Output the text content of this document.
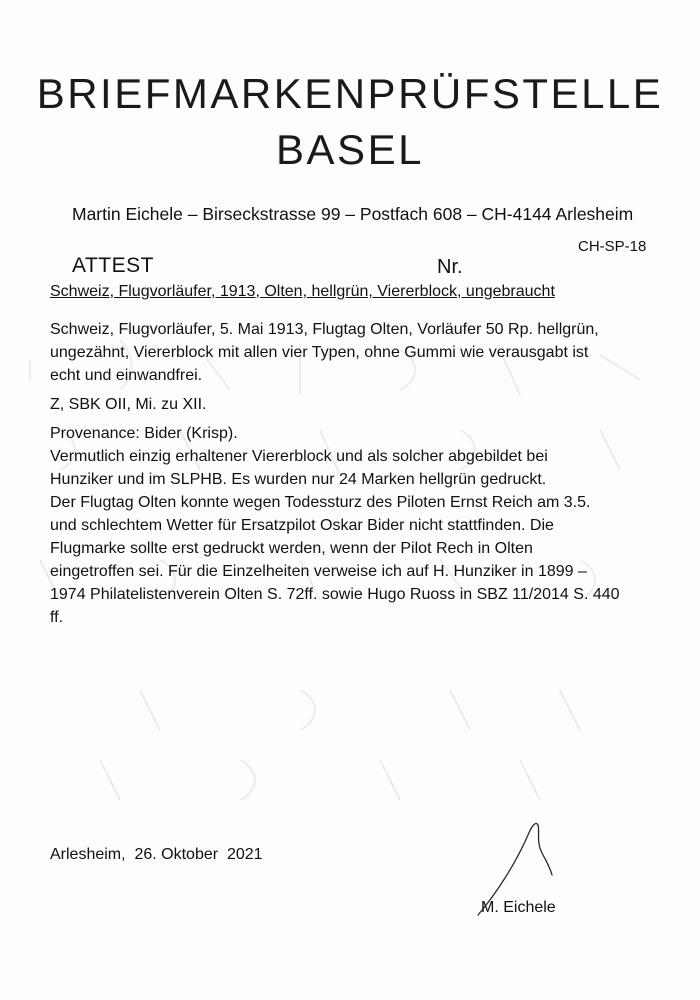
BRIEFMARKENPRÜFSTELLE
BASEL
Martin Eichele – Birseckstrasse 99 – Postfach 608 – CH-4144 Arlesheim
CH-SP-18
ATTEST	Nr.
Schweiz, Flugvorläufer, 1913, Olten, hellgrün, Viererblock, ungebraucht

Schweiz, Flugvorläufer, 5. Mai 1913, Flugtag Olten, Vorläufer 50 Rp. hellgrün,
ungezähnt, Viererblock mit allen vier Typen, ohne Gummi wie verausgabt ist
echt und einwandfrei.

Z, SBK OII, Mi. zu XII.

Provenance: Bider (Krisp).

Vermutlich einzig erhaltener Viererblock und als solcher abgebildet bei
Hunziker und im SLPHB. Es wurden nur 24 Marken hellgrün gedruckt.
Der Flugtag Olten konnte wegen Todessturz des Piloten Ernst Reich am 3.5.
und schlechtem Wetter für Ersatzpilot Oskar Bider nicht stattfinden. Die
Flugmarke sollte erst gedruckt werden, wenn der Pilot Rech in Olten
eingetroffen sei. Für die Einzelheiten verweise ich auf H. Hunziker in 1899 –
1974 Philatelistenverein Olten S. 72ff. sowie Hugo Ruoss in SBZ 11/2014 S. 440
ff.

Arlesheim,  26. Oktober  2021
M. Eichele
